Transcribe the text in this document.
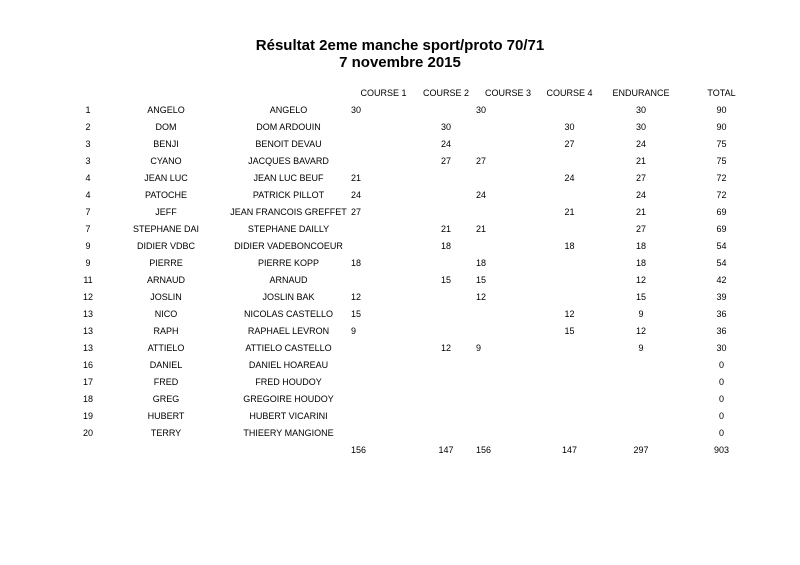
Résultat 2eme manche sport/proto 70/71
7 novembre 2015
			COURSE 1	COURSE 2	COURSE 3	COURSE 4	ENDURANCE	TOTAL
1	ANGELO	ANGELO	30		30		30	90
2	DOM	DOM ARDOUIN		30		30	30	90
3	BENJI	BENOIT DEVAU		24		27	24	75
3	CYANO	JACQUES BAVARD		27	27		21	75
4	JEAN LUC	JEAN LUC BEUF	21			24	27	72
4	PATOCHE	PATRICK PILLOT	24		24		24	72
7	JEFF	JEAN FRANCOIS GREFFET	27			21	21	69
7	STEPHANE DAI	STEPHANE DAILLY		21	21		27	69
9	DIDIER VDBC	DIDIER VADEBONCOEUR		18		18	18	54
9	PIERRE	PIERRE KOPP	18		18		18	54
11	ARNAUD	ARNAUD		15	15		12	42
12	JOSLIN	JOSLIN BAK	12		12		15	39
13	NICO	NICOLAS CASTELLO	15			12	9	36
13	RAPH	RAPHAEL LEVRON	9			15	12	36
13	ATTIELO	ATTIELO CASTELLO		12	9		9	30
16	DANIEL	DANIEL HOAREAU						0
17	FRED	FRED HOUDOY						0
18	GREG	GREGOIRE HOUDOY						0
19	HUBERT	HUBERT VICARINI						0
20	TERRY	THIEERY MANGIONE						0
			156	147	156	147	297	903
